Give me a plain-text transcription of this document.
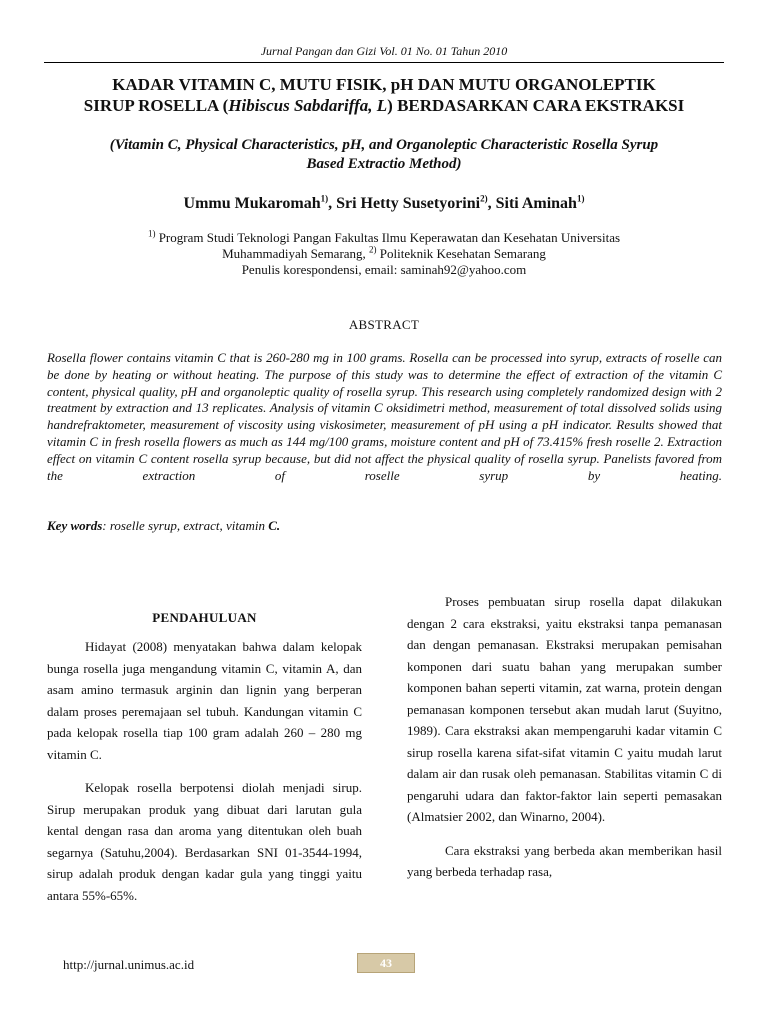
Jurnal Pangan dan Gizi Vol. 01 No. 01 Tahun 2010
KADAR VITAMIN C, MUTU FISIK, pH DAN MUTU ORGANOLEPTIK
SIRUP ROSELLA (Hibiscus Sabdariffa, L) BERDASARKAN CARA EKSTRAKSI
(Vitamin C, Physical Characteristics, pH, and Organoleptic Characteristic Rosella Syrup
Based Extractio Method)
Ummu Mukaromah$^{1)}$, Sri Hetty Susetyorini$^{2)}$, Siti Aminah$^{1)}$
$^{1)}$ Program Studi Teknologi Pangan Fakultas Ilmu Keperawatan dan Kesehatan Universitas
Muhammadiyah Semarang, $^{2)}$ Politeknik Kesehatan Semarang
Penulis korespondensi, email: saminah92@yahoo.com
ABSTRACT
Rosella flower contains vitamin C that is 260-280 mg in 100 grams. Rosella can be processed into syrup, extracts of roselle can be done by heating or without heating. The purpose of this study was to determine the effect of extraction of the vitamin C content, physical quality, pH and organoleptic quality of rosella syrup. This research using completely randomized design with 2 treatment by extraction and 13 replicates. Analysis of vitamin C oksidimetri method, measurement of total dissolved solids using handrefraktometer, measurement of viscosity using viskosimeter, measurement of pH using a pH indicator. Results showed that vitamin C in fresh rosella flowers as much as 144 mg/100 grams, moisture content and pH of 73.415% fresh roselle 2. Extraction effect on vitamin C content rosella syrup because, but did not affect the physical quality of rosella syrup. Panelists favored from the extraction of roselle syrup by heating.
Key words: roselle syrup, extract, vitamin C.
PENDAHULUAN

Hidayat (2008) menyatakan bahwa dalam kelopak bunga rosella juga mengandung vitamin C, vitamin A, dan asam amino termasuk arginin dan lignin yang berperan dalam proses peremajaan sel tubuh. Kandungan vitamin C pada kelopak rosella tiap 100 gram adalah 260 – 280 mg vitamin C.

Kelopak rosella berpotensi diolah menjadi sirup. Sirup merupakan produk yang dibuat dari larutan gula kental dengan rasa dan aroma yang ditentukan oleh buah segarnya (Satuhu,2004). Berdasarkan SNI 01-3544-1994, sirup adalah produk dengan kadar gula yang tinggi yaitu antara 55%-65%.

Proses pembuatan sirup rosella dapat dilakukan dengan 2 cara ekstraksi, yaitu ekstraksi tanpa pemanasan dan dengan pemanasan. Ekstraksi merupakan pemisahan komponen dari suatu bahan yang merupakan sumber komponen bahan seperti vitamin, zat warna, protein dengan pemanasan komponen tersebut akan mudah larut (Suyitno, 1989). Cara ekstraksi akan mempengaruhi kadar vitamin C sirup rosella karena sifat-sifat vitamin C yaitu mudah larut dalam air dan rusak oleh pemanasan. Stabilitas vitamin C di pengaruhi udara dan faktor-faktor lain seperti pemasakan (Almatsier 2002, dan Winarno, 2004).

Cara ekstraksi yang berbeda akan memberikan hasil yang berbeda terhadap rasa,

http://jurnal.unimus.ac.id	43
